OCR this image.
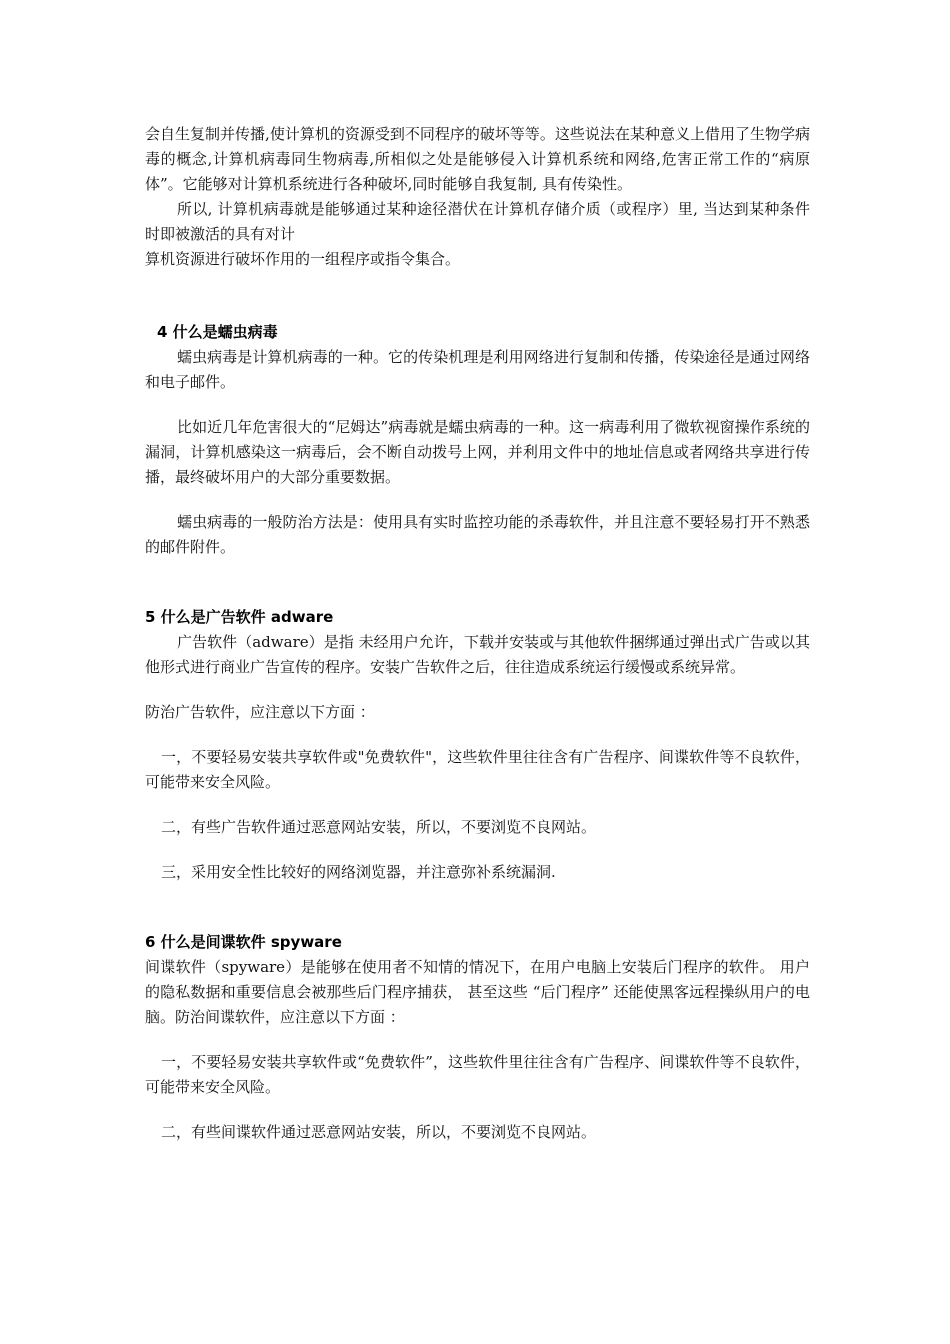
会自生复制并传播,使计算机的资源受到不同程序的破坏等等。这些说法在某种意义上借用了生物学病毒的概念,计算机病毒同生物病毒,所相似之处是能够侵入计算机系统和网络,危害正常工作的“病原体”。它能够对计算机系统进行各种破坏,同时能够自我复制, 具有传染性。

所以, 计算机病毒就是能够通过某种途径潜伏在计算机存储介质（或程序）里, 当达到某种条件时即被激活的具有对计

算机资源进行破坏作用的一组程序或指令集合。

4 什么是蠕虫病毒

蠕虫病毒是计算机病毒的一种。它的传染机理是利用网络进行复制和传播，传染途径是通过网络和电子邮件。

比如近几年危害很大的“尼姆达”病毒就是蠕虫病毒的一种。这一病毒利用了微软视窗操作系统的漏洞，计算机感染这一病毒后，会不断自动拨号上网，并利用文件中的地址信息或者网络共享进行传播，最终破坏用户的大部分重要数据。

蠕虫病毒的一般防治方法是：使用具有实时监控功能的杀毒软件，并且注意不要轻易打开不熟悉的邮件附件。

5 什么是广告软件 adware

广告软件（adware）是指 未经用户允许，下载并安装或与其他软件捆绑通过弹出式广告或以其他形式进行商业广告宣传的程序。安装广告软件之后，往往造成系统运行缓慢或系统异常。

防治广告软件，应注意以下方面 ：

一，不要轻易安装共享软件或"免费软件"，这些软件里往往含有广告程序、间谍软件等不良软件，可能带来安全风险。

二，有些广告软件通过恶意网站安装，所以，不要浏览不良网站。

三，采用安全性比较好的网络浏览器，并注意弥补系统漏洞.

6 什么是间谍软件 spyware

间谍软件（spyware）是能够在使用者不知情的情况下，在用户电脑上安装后门程序的软件。 用户的隐私数据和重要信息会被那些后门程序捕获， 甚至这些 “后门程序” 还能使黑客远程操纵用户的电脑。防治间谍软件，应注意以下方面 ：

一，不要轻易安装共享软件或“免费软件”，这些软件里往往含有广告程序、间谍软件等不良软件，可能带来安全风险。

二，有些间谍软件通过恶意网站安装，所以，不要浏览不良网站。
